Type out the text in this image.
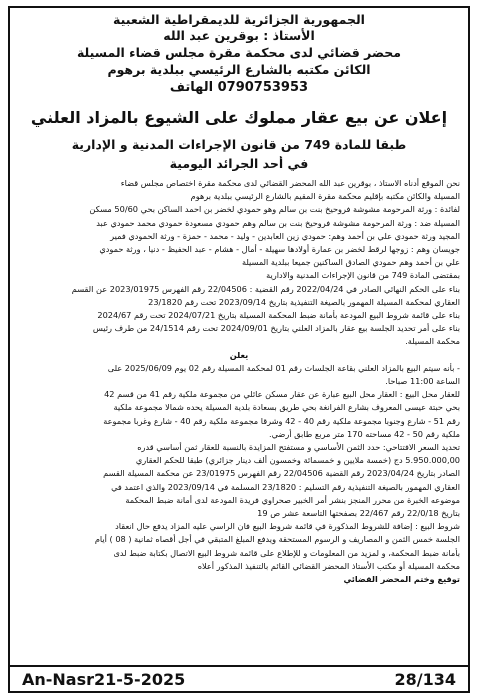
الجمهورية الجزائرية للديمقراطية الشعبية
الأستاذ : بوقرين عبد الله
محضر قضائي لدى محكمة مقرة مجلس قضاء المسيلة
الكائن مكتبه بالشارع الرئيسي ببلدية برهوم
الهاتف 0790753953
إعلان عن بيع عقار مملوك على الشيوع بالمزاد العلني
طبقا للمادة 749 من قانون الإجراءات المدنية و الإدارية
في أحد الجرائد اليومية
نحن الموقع أدناه الاستاذ ، بوقرين عبد الله المحضر القضائي لدى محكمة مقرة اختصاص مجلس قضاء
المسيلة والكائن مكتبه بإقليم محكمة مقرة المقيم بالشارع الرئيسي ببلدية برهوم
لفائدة : ورثة المرحومة مشوشة فروحيخ بنت بن سالم وهو حمودي لخضر بن احمد الساكن بحي 50/60 مسكن
المسيلة ضد : ورثة المرحومة مشوشة فروحيخ بنت بن سالم وهم حمودي مسعودة حمودي محمد حمودي عبد
المجيد ورثة حمودي علي بن أحمد وهم: حمودي زين العابدين - وليد - محمد - حمزة - ورثة الحمودي فمير
جويسان وهم : زوجها لرقط لخضر بن عمارة أولادها سهيلة - أمال - هشام - عبد الحفيظ - دنيا ، ورثة حمودي
علي بن أحمد وهم حمودي الصادق الساكنين جميعا ببلدية المسيلة
بمقتضى المادة 749 من قانون الإجراءات المدنية والادارية
بناء على الحكم النهائي الصادر في 2022/04/24 رقم القضية : 22/04506 رقم الفهرس 2023/01975 عن القسم
العقاري لمحكمة المسيلة المهمور بالصيغة التنفيذية بتاريخ 2023/09/14 تحت رقم 23/1820
بناء على قائمة شروط البيع المودعة بأمانة ضبط المحكمة المسيلة بتاريخ 2024/07/21 تحت رقم 2024/67
بناء على أمر تحديد الجلسة بيع عقار بالمزاد العلني بتاريخ 2024/09/01 تحت رقم 24/1514 من طرف رئيس
محكمة المسيلة.
يعلن
- بأنه سيتم البيع بالمزاد العلني بقاعة الجلسات رقم 01 لمحكمة المسيلة رقم 02 يوم 2025/06/09 على
الساعة 11:00 صباحا.
للعقار محل البيع : العقار محل البيع عبارة عن عقار مسكن عائلي من مجموعة ملكية رقم 41 من قسم 42
بحي حبتة عيسى المعروف بشارع الفرانغة بحي طريق بسعادة بلدية المسيلة يحده شمالا مجموعة ملكية
رقم 51 - شارع وجنوبا مجموعة ملكية رقم 40 - 42 وشرقا مجموعة ملكية رقم 40 - شارع وغربا مجموعة
ملكية رقم 50 - 42 مساحته 170 متر مربع طابق أرضي.
تحديد السعر الافتتاحي: حدد الثمن الأساسي و مستفتح المزايدة بالنسبة للعقار ثمن أساسي قدره
5.950.000,00 دج (خمسة ملايين و خمسمائة وخمسون ألف دينار جزائري) طبقا للحكم العقاري
الصادر بتاريخ 2023/04/24 رقم القضية 22/04506 رقم الفهرس 23/01975 عن محكمة المسيلة القسم
العقاري المهمور بالصيغة التنفيذية رقم التسليم : 23/1820 المسلمة في 2023/09/14 والذي اعتمد في
موضوعه الخبرة من محرر المنجز بنشر أمر الخبير صحراوي فريدة المودعة لدى أمانة ضبط المحكمة
بتاريخ 22/0/18 رقم 22/467 بصفحتها التاسعة عشر ص 19
شروط البيع : إضافة للشروط المذكورة في قائمة شروط البيع فان الراسي عليه المزاد يدفع حال انعقاد
الجلسة خمس الثمن و المصاريف و الرسوم المستحقة ويدفع المبلغ المتبقي في أجل أقصاه ثمانية ( 08 ) أيام
بأمانة ضبط المحكمة، و لمزيد من المعلومات و للإطلاع على قائمة شروط البيع الاتصال بكتابة ضبط لدى
محكمة المسيلة أو مكتب الأستاذ المحضر القضائي القائم بالتنفيذ المذكور أعلاه
توقيع وختم المحضر القضائي
An-Nasr21-5-2025	28/134
